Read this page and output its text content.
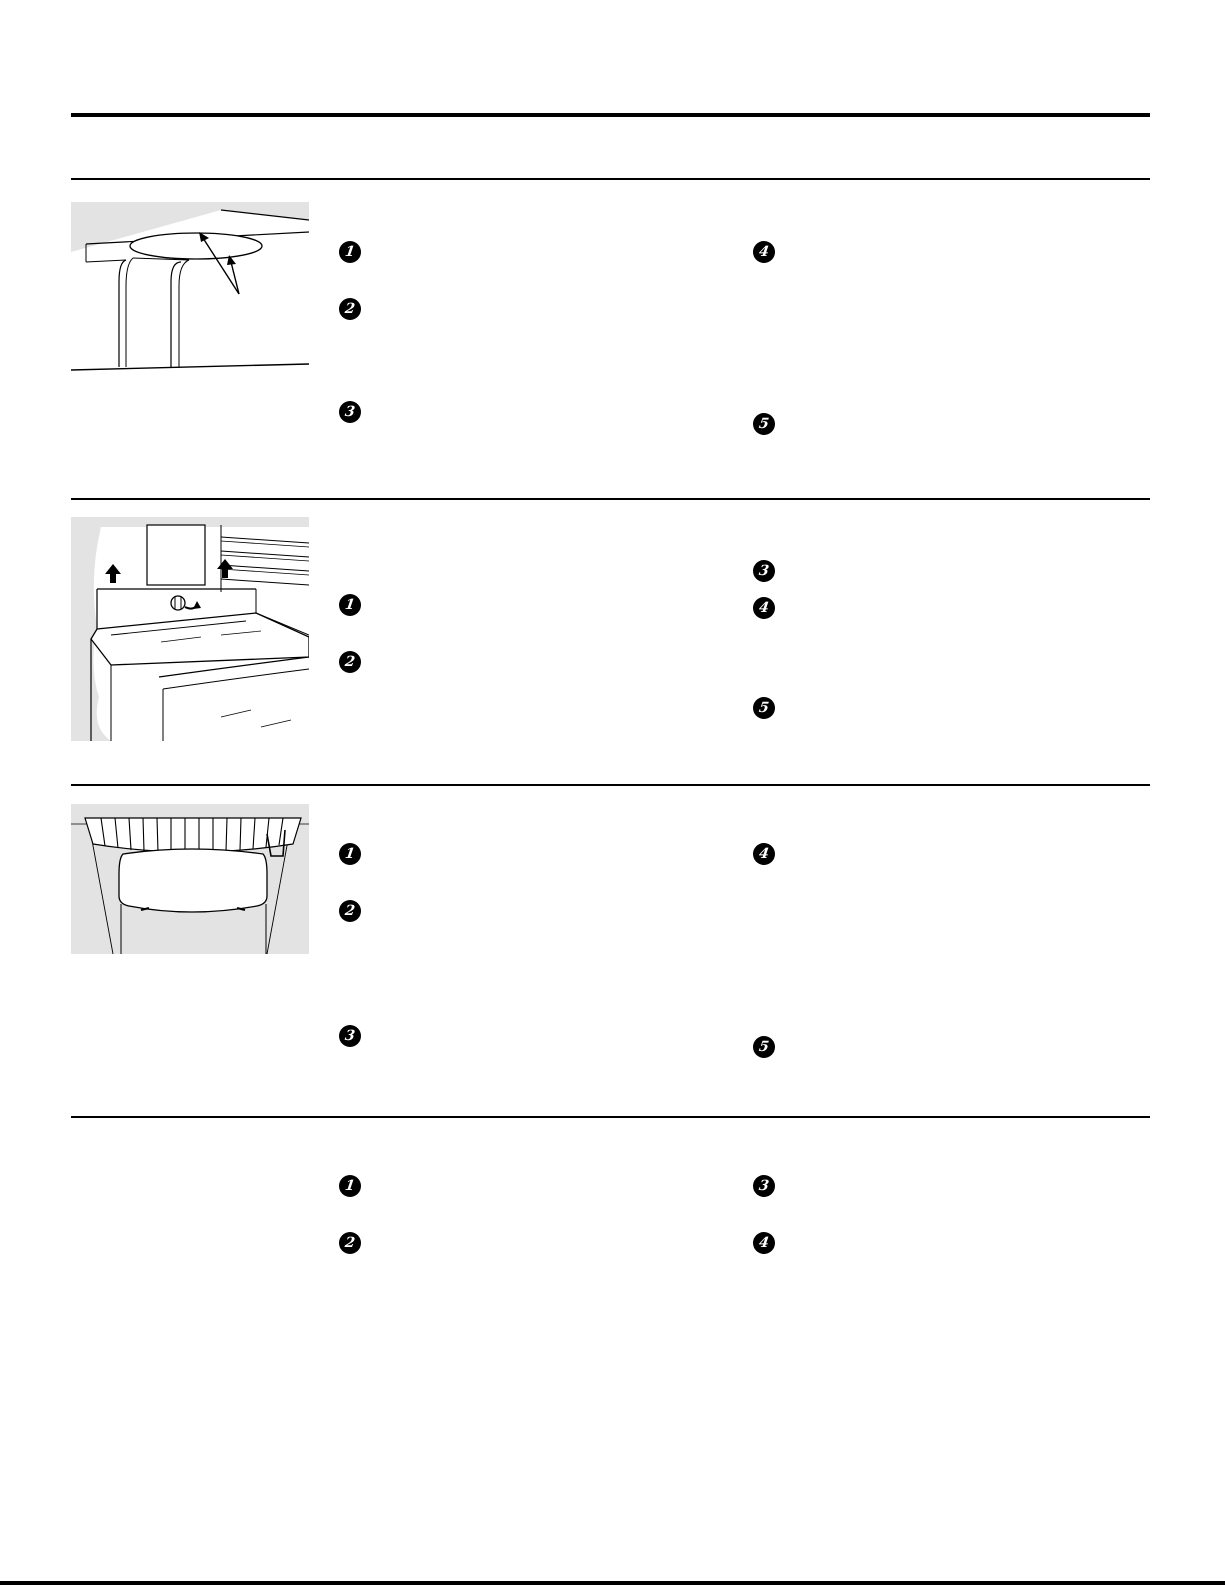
1
2
3
4
5
1
2
3
4
5
1
2
3
4
5
1
2
3
4
